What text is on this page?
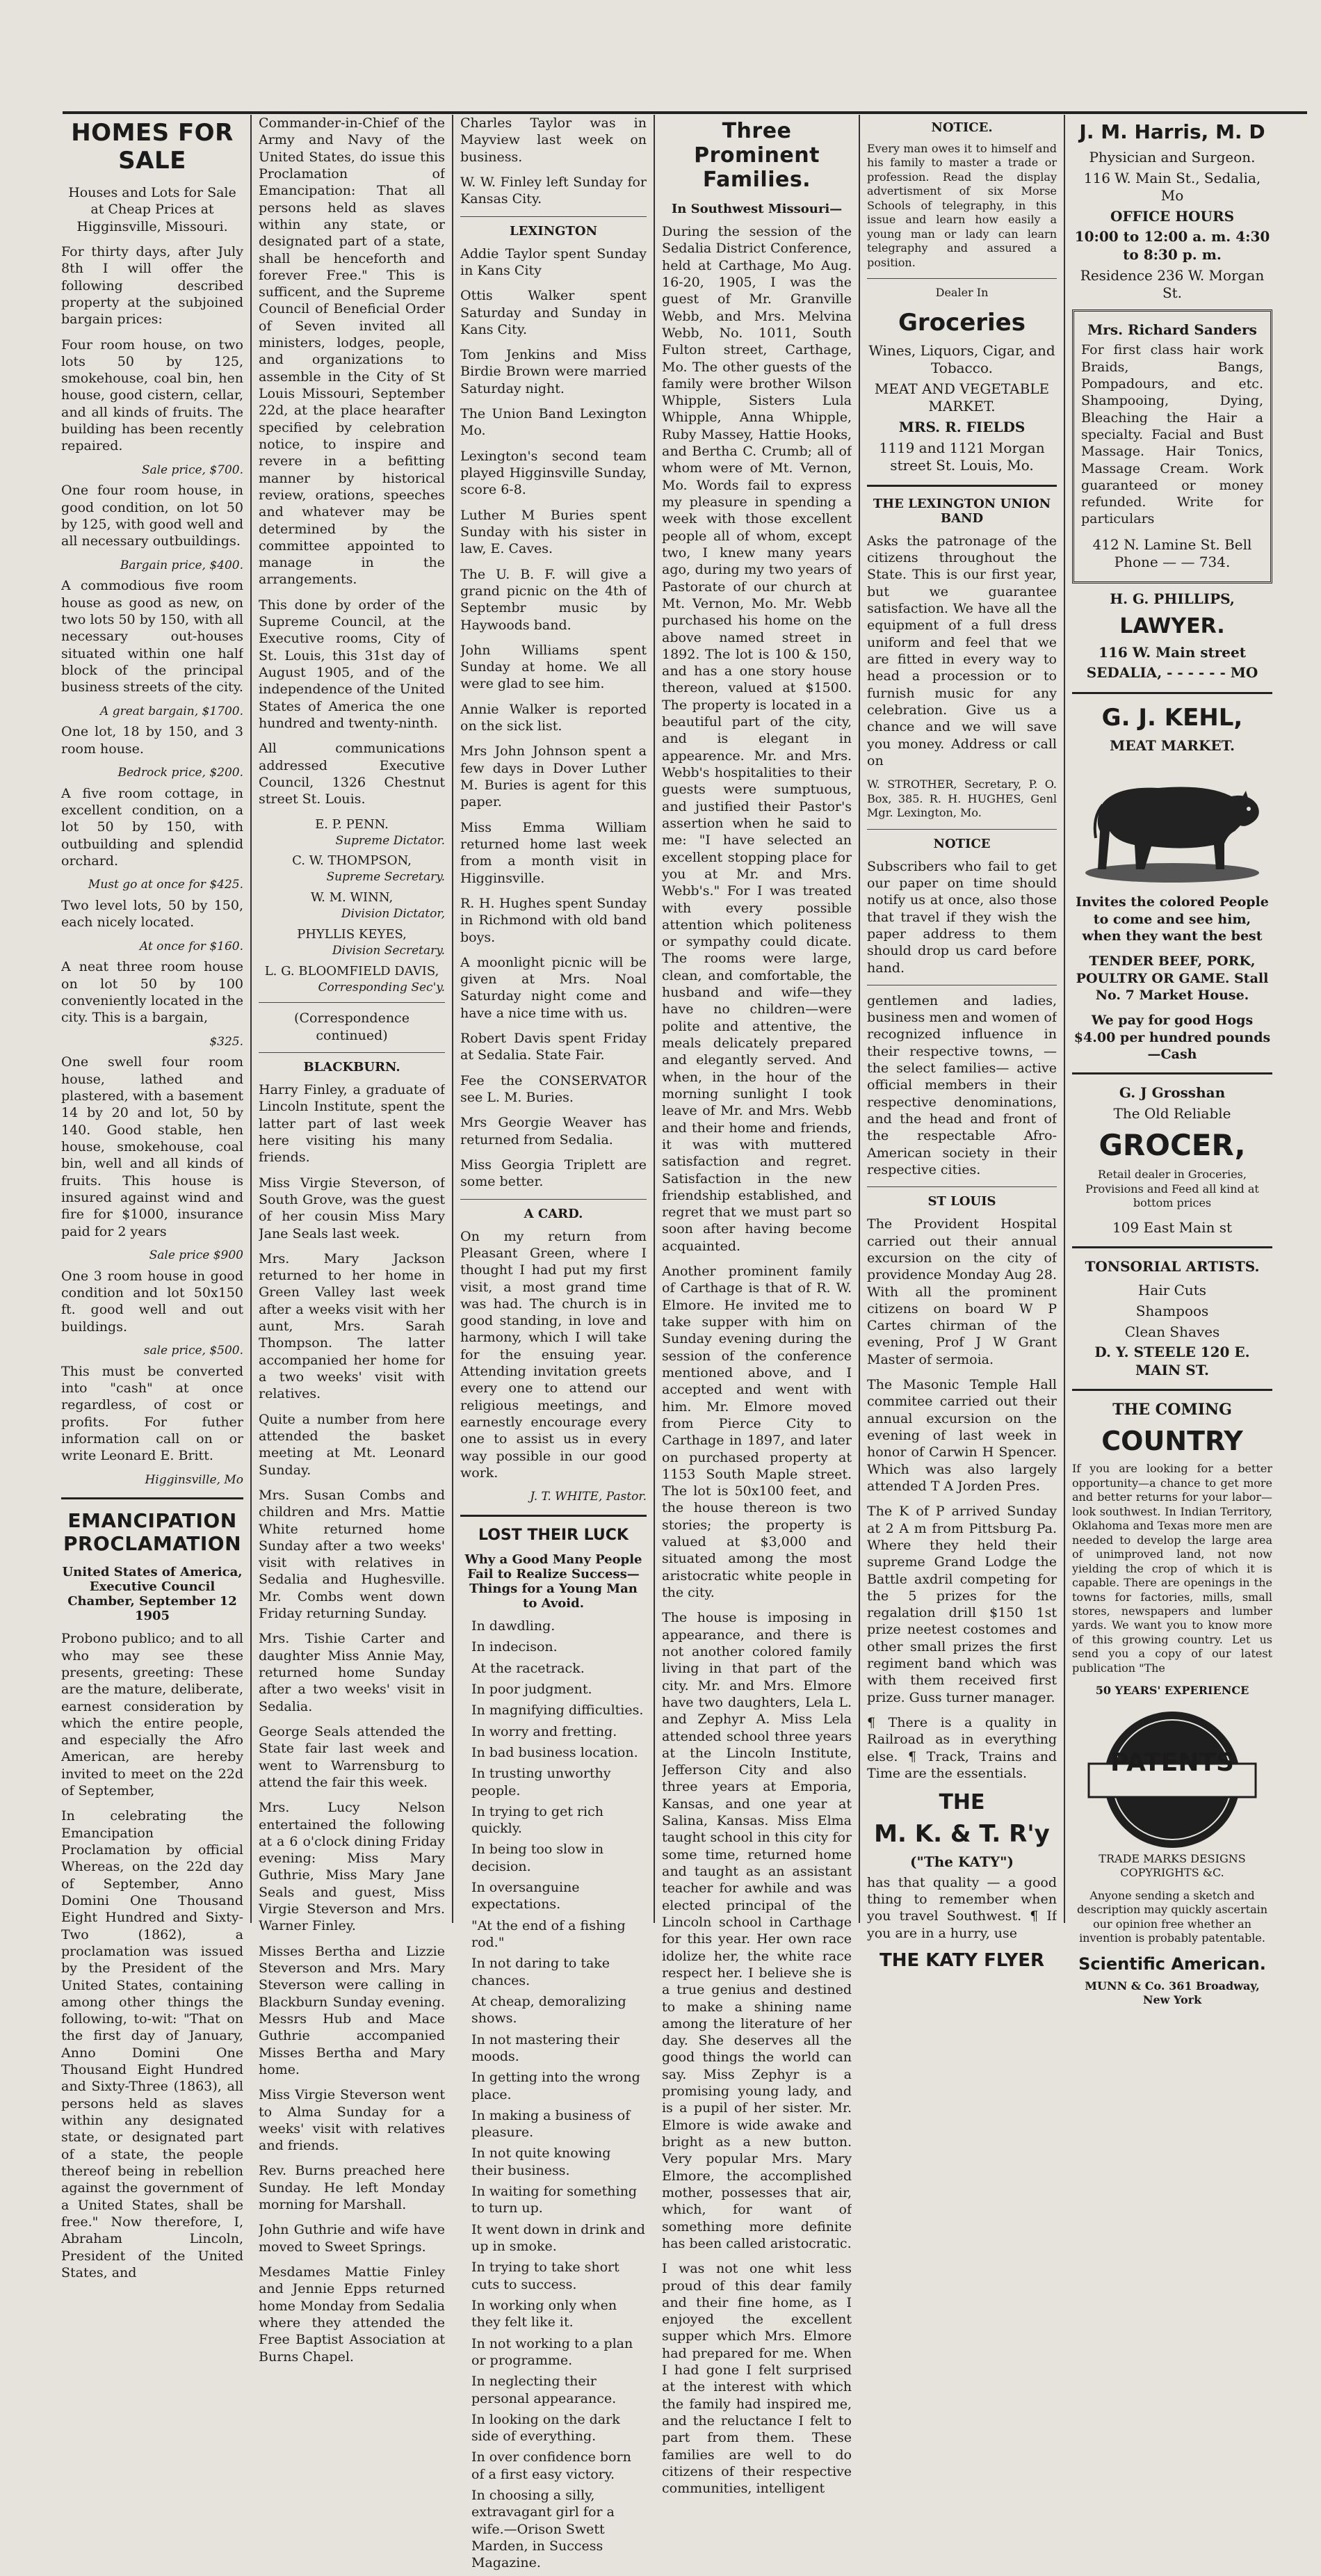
HOMES FOR SALE

Houses and Lots for Sale at Cheap Prices at Higginsville, Missouri.

For thirty days, after July 8th I will offer the following described property at the subjoined bargain prices:

Four room house, on two lots 50 by 125, smokehouse, coal bin, hen house, good cistern, cellar, and all kinds of fruits. The building has been recently repaired.

Sale price, $700.

One four room house, in good condition, on lot 50 by 125, with good well and all necessary outbuildings.

Bargain price, $400.

A commodious five room house as good as new, on two lots 50 by 150, with all necessary out-houses situated within one half block of the principal business streets of the city.

A great bargain, $1700.

One lot, 18 by 150, and 3 room house.

Bedrock price, $200.

A five room cottage, in excellent condition, on a lot 50 by 150, with outbuilding and splendid orchard.

Must go at once for $425.

Two level lots, 50 by 150, each nicely located.

At once for $160.

A neat three room house on lot 50 by 100 conveniently located in the city. This is a bargain,

$325.

One swell four room house, lathed and plastered, with a basement 14 by 20 and lot, 50 by 140. Good stable, hen house, smokehouse, coal bin, well and all kinds of fruits. This house is insured against wind and fire for $1000, insurance paid for 2 years

Sale price $900

One 3 room house in good condition and lot 50x150 ft. good well and out buildings.

sale price, $500.

This must be converted into "cash" at once regardless, of cost or profits. For futher information call on or write Leonard E. Britt.

Higginsville, Mo

EMANCIPATION PROCLAMATION
United States of America, Executive Council Chamber, September 12 1905

Probono publico; and to all who may see these presents, greeting: These are the mature, deliberate, earnest consideration by which the entire people, and especially the Afro American, are hereby invited to meet on the 22d of September,

In celebrating the Emancipation Proclamation by official Whereas, on the 22d day of September, Anno Domini One Thousand Eight Hundred and Sixty-Two (1862), a proclamation was issued by the President of the United States, containing among other things the following, to-wit: "That on the first day of January, Anno Domini One Thousand Eight Hundred and Sixty-Three (1863), all persons held as slaves within any designated state, or designated part of a state, the people thereof being in rebellion against the government of a United States, shall be free." Now therefore, I, Abraham Lincoln, President of the United States, and

Commander-in-Chief of the Army and Navy of the United States, do issue this Proclamation of Emancipation: That all persons held as slaves within any state, or designated part of a state, shall be henceforth and forever Free." This is sufficent, and the Supreme Council of Beneficial Order of Seven invited all ministers, lodges, people, and organizations to assemble in the City of St Louis Missouri, September 22d, at the place hearafter specified by celebration notice, to inspire and revere in a befitting manner by historical review, orations, speeches and whatever may be determined by the committee appointed to manage in the arrangements.

This done by order of the Supreme Council, at the Executive rooms, City of St. Louis, this 31st day of August 1905, and of the independence of the United States of America the one hundred and twenty-ninth.

All communications addressed Executive Council, 1326 Chestnut street St. Louis.

E. P. PENN.

Supreme Dictator.

C. W. THOMPSON,

Supreme Secretary.

W. M. WINN,

Division Dictator,

PHYLLIS KEYES,

Division Secretary.

L. G. BLOOMFIELD DAVIS,

Corresponding Sec'y.

(Correspondence continued)

BLACKBURN.

Harry Finley, a graduate of Lincoln Institute, spent the latter part of last week here visiting his many friends.

Miss Virgie Steverson, of South Grove, was the guest of her cousin Miss Mary Jane Seals last week.

Mrs. Mary Jackson returned to her home in Green Valley last week after a weeks visit with her aunt, Mrs. Sarah Thompson. The latter accompanied her home for a two weeks' visit with relatives.

Quite a number from here attended the basket meeting at Mt. Leonard Sunday.

Mrs. Susan Combs and children and Mrs. Mattie White returned home Sunday after a two weeks' visit with relatives in Sedalia and Hughesville. Mr. Combs went down Friday returning Sunday.

Mrs. Tishie Carter and daughter Miss Annie May, returned home Sunday after a two weeks' visit in Sedalia.

George Seals attended the State fair last week and went to Warrensburg to attend the fair this week.

Mrs. Lucy Nelson entertained the following at a 6 o'clock dining Friday evening: Miss Mary Guthrie, Miss Mary Jane Seals and guest, Miss Virgie Steverson and Mrs. Warner Finley.

Misses Bertha and Lizzie Steverson and Mrs. Mary Steverson were calling in Blackburn Sunday evening. Messrs Hub and Mace Guthrie accompanied Misses Bertha and Mary home.

Miss Virgie Steverson went to Alma Sunday for a weeks' visit with relatives and friends.

Rev. Burns preached here Sunday. He left Monday morning for Marshall.

John Guthrie and wife have moved to Sweet Springs.

Mesdames Mattie Finley and Jennie Epps returned home Monday from Sedalia where they attended the Free Baptist Association at Burns Chapel.

Charles Taylor was in Mayview last week on business.

W. W. Finley left Sunday for Kansas City.

LEXINGTON

Addie Taylor spent Sunday in Kans City

Ottis Walker spent Saturday and Sunday in Kans City.

Tom Jenkins and Miss Birdie Brown were married Saturday night.

The Union Band Lexington Mo.

Lexington's second team played Higginsville Sunday, score 6-8.

Luther M Buries spent Sunday with his sister in law, E. Caves.

The U. B. F. will give a grand picnic on the 4th of Septembr music by Haywoods band.

John Williams spent Sunday at home. We all were glad to see him.

Annie Walker is reported on the sick list.

Mrs John Johnson spent a few days in Dover Luther M. Buries is agent for this paper.

Miss Emma William returned home last week from a month visit in Higginsville.

R. H. Hughes spent Sunday in Richmond with old band boys.

A moonlight picnic will be given at Mrs. Noal Saturday night come and have a nice time with us.

Robert Davis spent Friday at Sedalia. State Fair.

Fee the CONSERVATOR see L. M. Buries.

Mrs Georgie Weaver has returned from Sedalia.

Miss Georgia Triplett are some better.

A CARD.

On my return from Pleasant Green, where I thought I had put my first visit, a most grand time was had. The church is in good standing, in love and harmony, which I will take for the ensuing year. Attending invitation greets every one to attend our religious meetings, and earnestly encourage every one to assist us in every way possible in our good work.

J. T. WHITE, Pastor.

LOST THEIR LUCK
Why a Good Many People Fail to Realize Success—Things for a Young Man to Avoid.

In dawdling.

In indecison.

At the racetrack.

In poor judgment.

In magnifying difficulties.

In worry and fretting.

In bad business location.

In trusting unworthy people.

In trying to get rich quickly.

In being too slow in decision.

In oversanguine expectations.

"At the end of a fishing rod."

In not daring to take chances.

At cheap, demoralizing shows.

In not mastering their moods.

In getting into the wrong place.

In making a business of pleasure.

In not quite knowing their business.

In waiting for something to turn up.

It went down in drink and up in smoke.

In trying to take short cuts to success.

In working only when they felt like it.

In not working to a plan or programme.

In neglecting their personal appearance.

In looking on the dark side of everything.

In over confidence born of a first easy victory.

In choosing a silly, extravagant girl for a wife.—Orison Swett Marden, in Success Magazine.

Three Prominent Families.
In Southwest Missouri—

During the session of the Sedalia District Conference, held at Carthage, Mo Aug. 16-20, 1905, I was the guest of Mr. Granville Webb, and Mrs. Melvina Webb, No. 1011, South Fulton street, Carthage, Mo. The other guests of the family were brother Wilson Whipple, Sisters Lula Whipple, Anna Whipple, Ruby Massey, Hattie Hooks, and Bertha C. Crumb; all of whom were of Mt. Vernon, Mo. Words fail to express my pleasure in spending a week with those excellent people all of whom, except two, I knew many years ago, during my two years of Pastorate of our church at Mt. Vernon, Mo. Mr. Webb purchased his home on the above named street in 1892. The lot is 100 & 150, and has a one story house thereon, valued at $1500. The property is located in a beautiful part of the city, and is elegant in appearence. Mr. and Mrs. Webb's hospitalities to their guests were sumptuous, and justified their Pastor's assertion when he said to me: "I have selected an excellent stopping place for you at Mr. and Mrs. Webb's." For I was treated with every possible attention which politeness or sympathy could dicate. The rooms were large, clean, and comfortable, the husband and wife—they have no children—were polite and attentive, the meals delicately prepared and elegantly served. And when, in the hour of the morning sunlight I took leave of Mr. and Mrs. Webb and their home and friends, it was with muttered satisfaction and regret. Satisfaction in the new friendship established, and regret that we must part so soon after having become acquainted.

Another prominent family of Carthage is that of R. W. Elmore. He invited me to take supper with him on Sunday evening during the session of the conference mentioned above, and I accepted and went with him. Mr. Elmore moved from Pierce City to Carthage in 1897, and later on purchased property at 1153 South Maple street. The lot is 50x100 feet, and the house thereon is two stories; the property is valued at $3,000 and situated among the most aristocratic white people in the city.

The house is imposing in appearance, and there is not another colored family living in that part of the city. Mr. and Mrs. Elmore have two daughters, Lela L. and Zephyr A. Miss Lela attended school three years at the Lincoln Institute, Jefferson City and also three years at Emporia, Kansas, and one year at Salina, Kansas. Miss Elma taught school in this city for some time, returned home and taught as an assistant teacher for awhile and was elected principal of the Lincoln school in Carthage for this year. Her own race idolize her, the white race respect her. I believe she is a true genius and destined to make a shining name among the literature of her day. She deserves all the good things the world can say. Miss Zephyr is a promising young lady, and is a pupil of her sister. Mr. Elmore is wide awake and bright as a new button. Very popular Mrs. Mary Elmore, the accomplished mother, possesses that air, which, for want of something more definite has been called aristocratic.

I was not one whit less proud of this dear family and their fine home, as I enjoyed the excellent supper which Mrs. Elmore had prepared for me. When I had gone I felt surprised at the interest with which the family had inspired me, and the reluctance I felt to part from them. These families are well to do citizens of their respective communities, intelligent

NOTICE.

Every man owes it to himself and his family to master a trade or profession. Read the display advertisment of six Morse Schools of telegraphy, in this issue and learn how easily a young man or lady can learn telegraphy and assured a position.

Dealer In

Groceries

Wines, Liquors, Cigar, and Tobacco.

MEAT AND VEGETABLE MARKET.

MRS. R. FIELDS

1119 and 1121 Morgan street St. Louis, Mo.

THE LEXINGTON UNION BAND

Asks the patronage of the citizens throughout the State. This is our first year, but we guarantee satisfaction. We have all the equipment of a full dress uniform and feel that we are fitted in every way to head a procession or to furnish music for any celebration. Give us a chance and we will save you money. Address or call on

W. STROTHER, Secretary, P. O. Box, 385. R. H. HUGHES, Genl Mgr. Lexington, Mo.

NOTICE

Subscribers who fail to get our paper on time should notify us at once, also those that travel if they wish the paper address to them should drop us card before hand.

gentlemen and ladies, business men and women of recognized influence in their respective towns, —the select families— active official members in their respective denominations, and the head and front of the respectable Afro-American society in their respective cities.

ST LOUIS

The Provident Hospital carried out their annual excursion on the city of providence Monday Aug 28. With all the prominent citizens on board W P Cartes chirman of the evening, Prof J W Grant Master of sermoia.

The Masonic Temple Hall commitee carried out their annual excursion on the evening of last week in honor of Carwin H Spencer. Which was also largely attended T A Jorden Pres.

The K of P arrived Sunday at 2 A m from Pittsburg Pa. Where they held their supreme Grand Lodge the Battle axdril competing for the 5 prizes for the regalation drill $150 1st prize neetest costomes and other small prizes the first regiment band which was with them received first prize. Guss turner manager.

¶ There is a quality in Railroad as in everything else. ¶ Track, Trains and Time are the essentials.

THE
M. K. & T. R'y

("The KATY")

has that quality — a good thing to remember when you travel Southwest. ¶ If you are in a hurry, use

THE KATY FLYER
J. M. Harris, M. D

Physician and Surgeon.

116 W. Main St., Sedalia, Mo

OFFICE HOURS

10:00 to 12:00 a. m. 4:30 to 8:30 p. m.

Residence 236 W. Morgan St.

Mrs. Richard Sanders

For first class hair work Braids, Bangs, Pompadours, and etc. Shampooing, Dying, Bleaching the Hair a specialty. Facial and Bust Massage. Hair Tonics, Massage Cream. Work guaranteed or money refunded. Write for particulars

412 N. Lamine St. Bell Phone — — 734.

H. G. PHILLIPS,

LAWYER.

116 W. Main street

SEDALIA, - - - - - - MO

G. J. KEHL,

MEAT MARKET.

Invites the colored People to come and see him, when they want the best

TENDER BEEF, PORK, POULTRY OR GAME. Stall No. 7 Market House.

We pay for good Hogs $4.00 per hundred pounds—Cash

G. J Grosshan

The Old Reliable

GROCER,

Retail dealer in Groceries, Provisions and Feed all kind at bottom prices

109 East Main st

TONSORIAL ARTISTS.

Hair Cuts

Shampoos

Clean Shaves

D. Y. STEELE 120 E. MAIN ST.

THE COMING
COUNTRY

If you are looking for a better opportunity—a chance to get more and better returns for your labor—look southwest. In Indian Territory, Oklahoma and Texas more men are needed to develop the large area of unimproved land, not now yielding the crop of which it is capable. There are openings in the towns for factories, mills, small stores, newspapers and lumber yards. We want you to know more of this growing country. Let us send you a copy of our latest publication "The

50 YEARS' EXPERIENCE

PATENTS

TRADE MARKS DESIGNS COPYRIGHTS &C.

Anyone sending a sketch and description may quickly ascertain our opinion free whether an invention is probably patentable.

Scientific American.

MUNN & Co. 361 Broadway, New York
